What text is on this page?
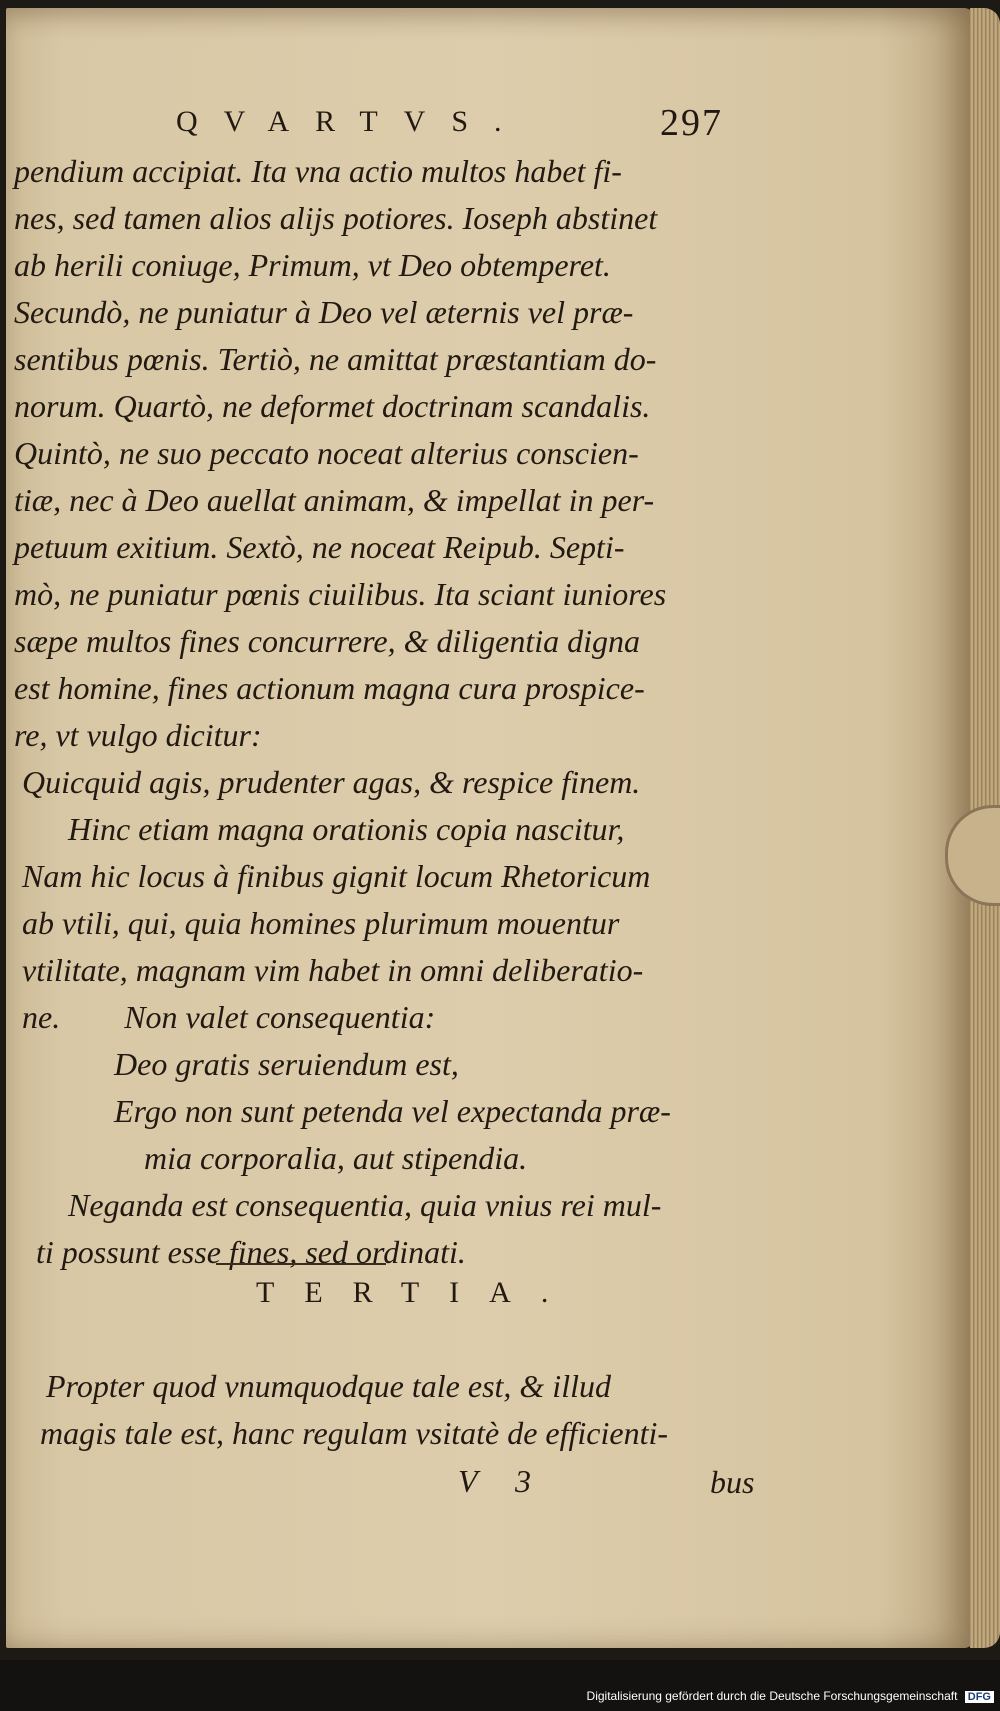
QVARTVS.	297
pendium accipiat. Ita vna actio multos habet fi-
nes, sed tamen alios alijs potiores. Ioseph abstinet
ab herili coniuge, Primum, vt Deo obtemperet.
Secundò, ne puniatur à Deo vel æternis vel præ-
sentibus pœnis. Tertiò, ne amittat præstantiam do-
norum. Quartò, ne deformet doctrinam scandalis.
Quintò, ne suo peccato noceat alterius conscien-
tiæ, nec à Deo auellat animam, & impellat in per-
petuum exitium. Sextò, ne noceat Reipub. Septi-
mò, ne puniatur pœnis ciuilibus. Ita sciant iuniores
sæpe multos fines concurrere, & diligentia digna
est homine, fines actionum magna cura prospice-
re, vt vulgo dicitur:
Quicquid agis, prudenter agas, & respice finem.
Hinc etiam magna orationis copia nascitur,
Nam hic locus à finibus gignit locum Rhetoricum
ab vtili, qui, quia homines plurimum mouentur
vtilitate, magnam vim habet in omni deliberatio-
ne.        Non valet consequentia:
Deo gratis seruiendum est,
Ergo non sunt petenda vel expectanda præ-
mia corporalia, aut stipendia.
Neganda est consequentia, quia vnius rei mul-
ti possunt esse fines, sed ordinati.
TERTIA.
Propter quod vnumquodque tale est, & illud
magis tale est, hanc regulam vsitatè de efficienti-
V 3	bus
Digitalisierung gefördert durch die Deutsche Forschungsgemeinschaft DFG
